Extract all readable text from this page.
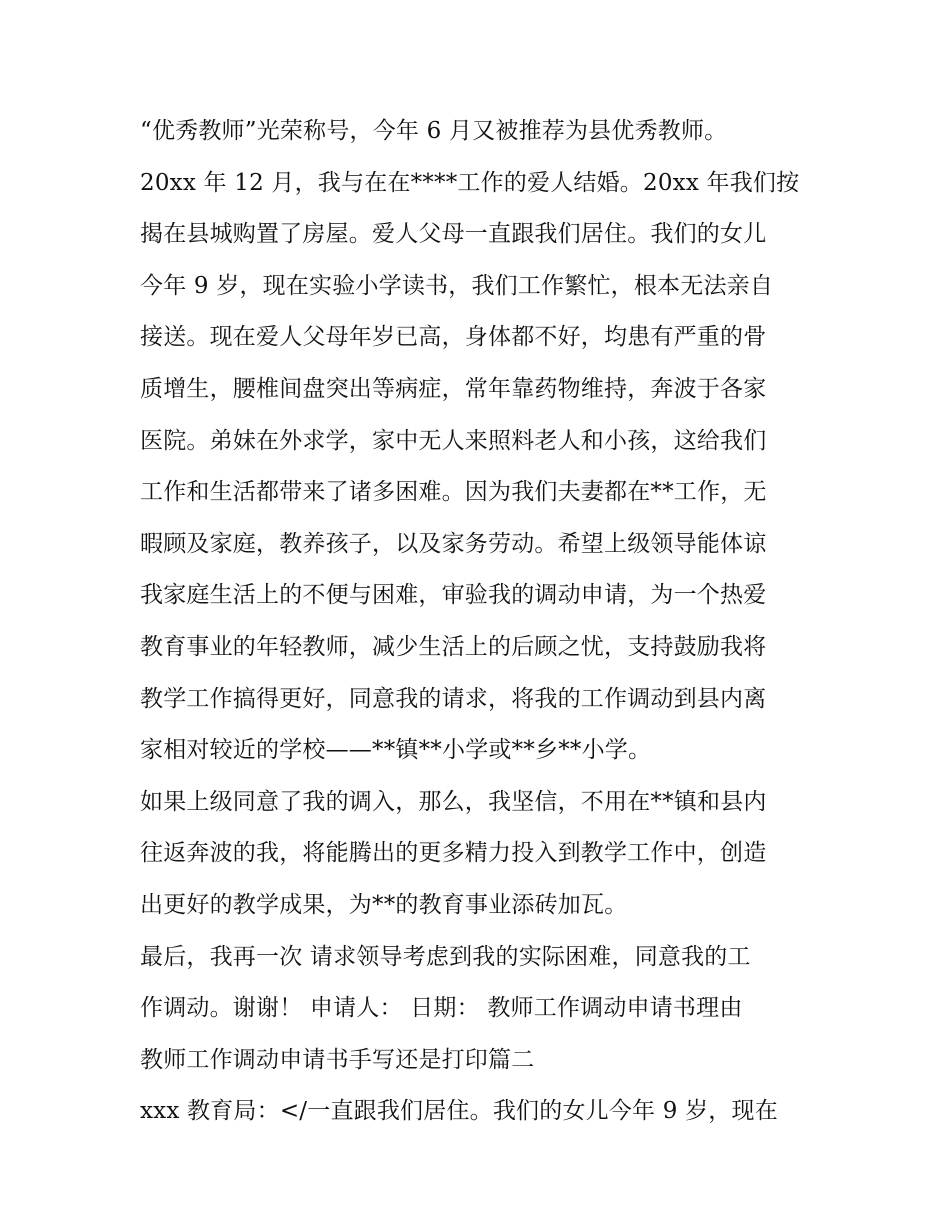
“优秀教师”光荣称号，今年 6 月又被推荐为县优秀教师。
20xx 年 12 月，我与在在****工作的爱人结婚。20xx 年我们按
揭在县城购置了房屋。爱人父母一直跟我们居住。我们的女儿
今年 9 岁，现在实验小学读书，我们工作繁忙，根本无法亲自
接送。现在爱人父母年岁已高，身体都不好，均患有严重的骨
质增生，腰椎间盘突出等病症，常年靠药物维持，奔波于各家
医院。弟妹在外求学，家中无人来照料老人和小孩，这给我们
工作和生活都带来了诸多困难。因为我们夫妻都在**工作，无
暇顾及家庭，教养孩子，以及家务劳动。希望上级领导能体谅
我家庭生活上的不便与困难，审验我的调动申请，为一个热爱
教育事业的年轻教师，减少生活上的后顾之忧，支持鼓励我将
教学工作搞得更好，同意我的请求，将我的工作调动到县内离
家相对较近的学校——**镇**小学或**乡**小学。
如果上级同意了我的调入，那么，我坚信，不用在**镇和县内
往返奔波的我，将能腾出的更多精力投入到教学工作中，创造
出更好的教学成果，为**的教育事业添砖加瓦。
最后，我再一次 请求领导考虑到我的实际困难，同意我的工
作调动。谢谢！ 申请人： 日期： 教师工作调动申请书理由
教师工作调动申请书手写还是打印篇二
xxx 教育局：</一直跟我们居住。我们的女儿今年 9 岁，现在
